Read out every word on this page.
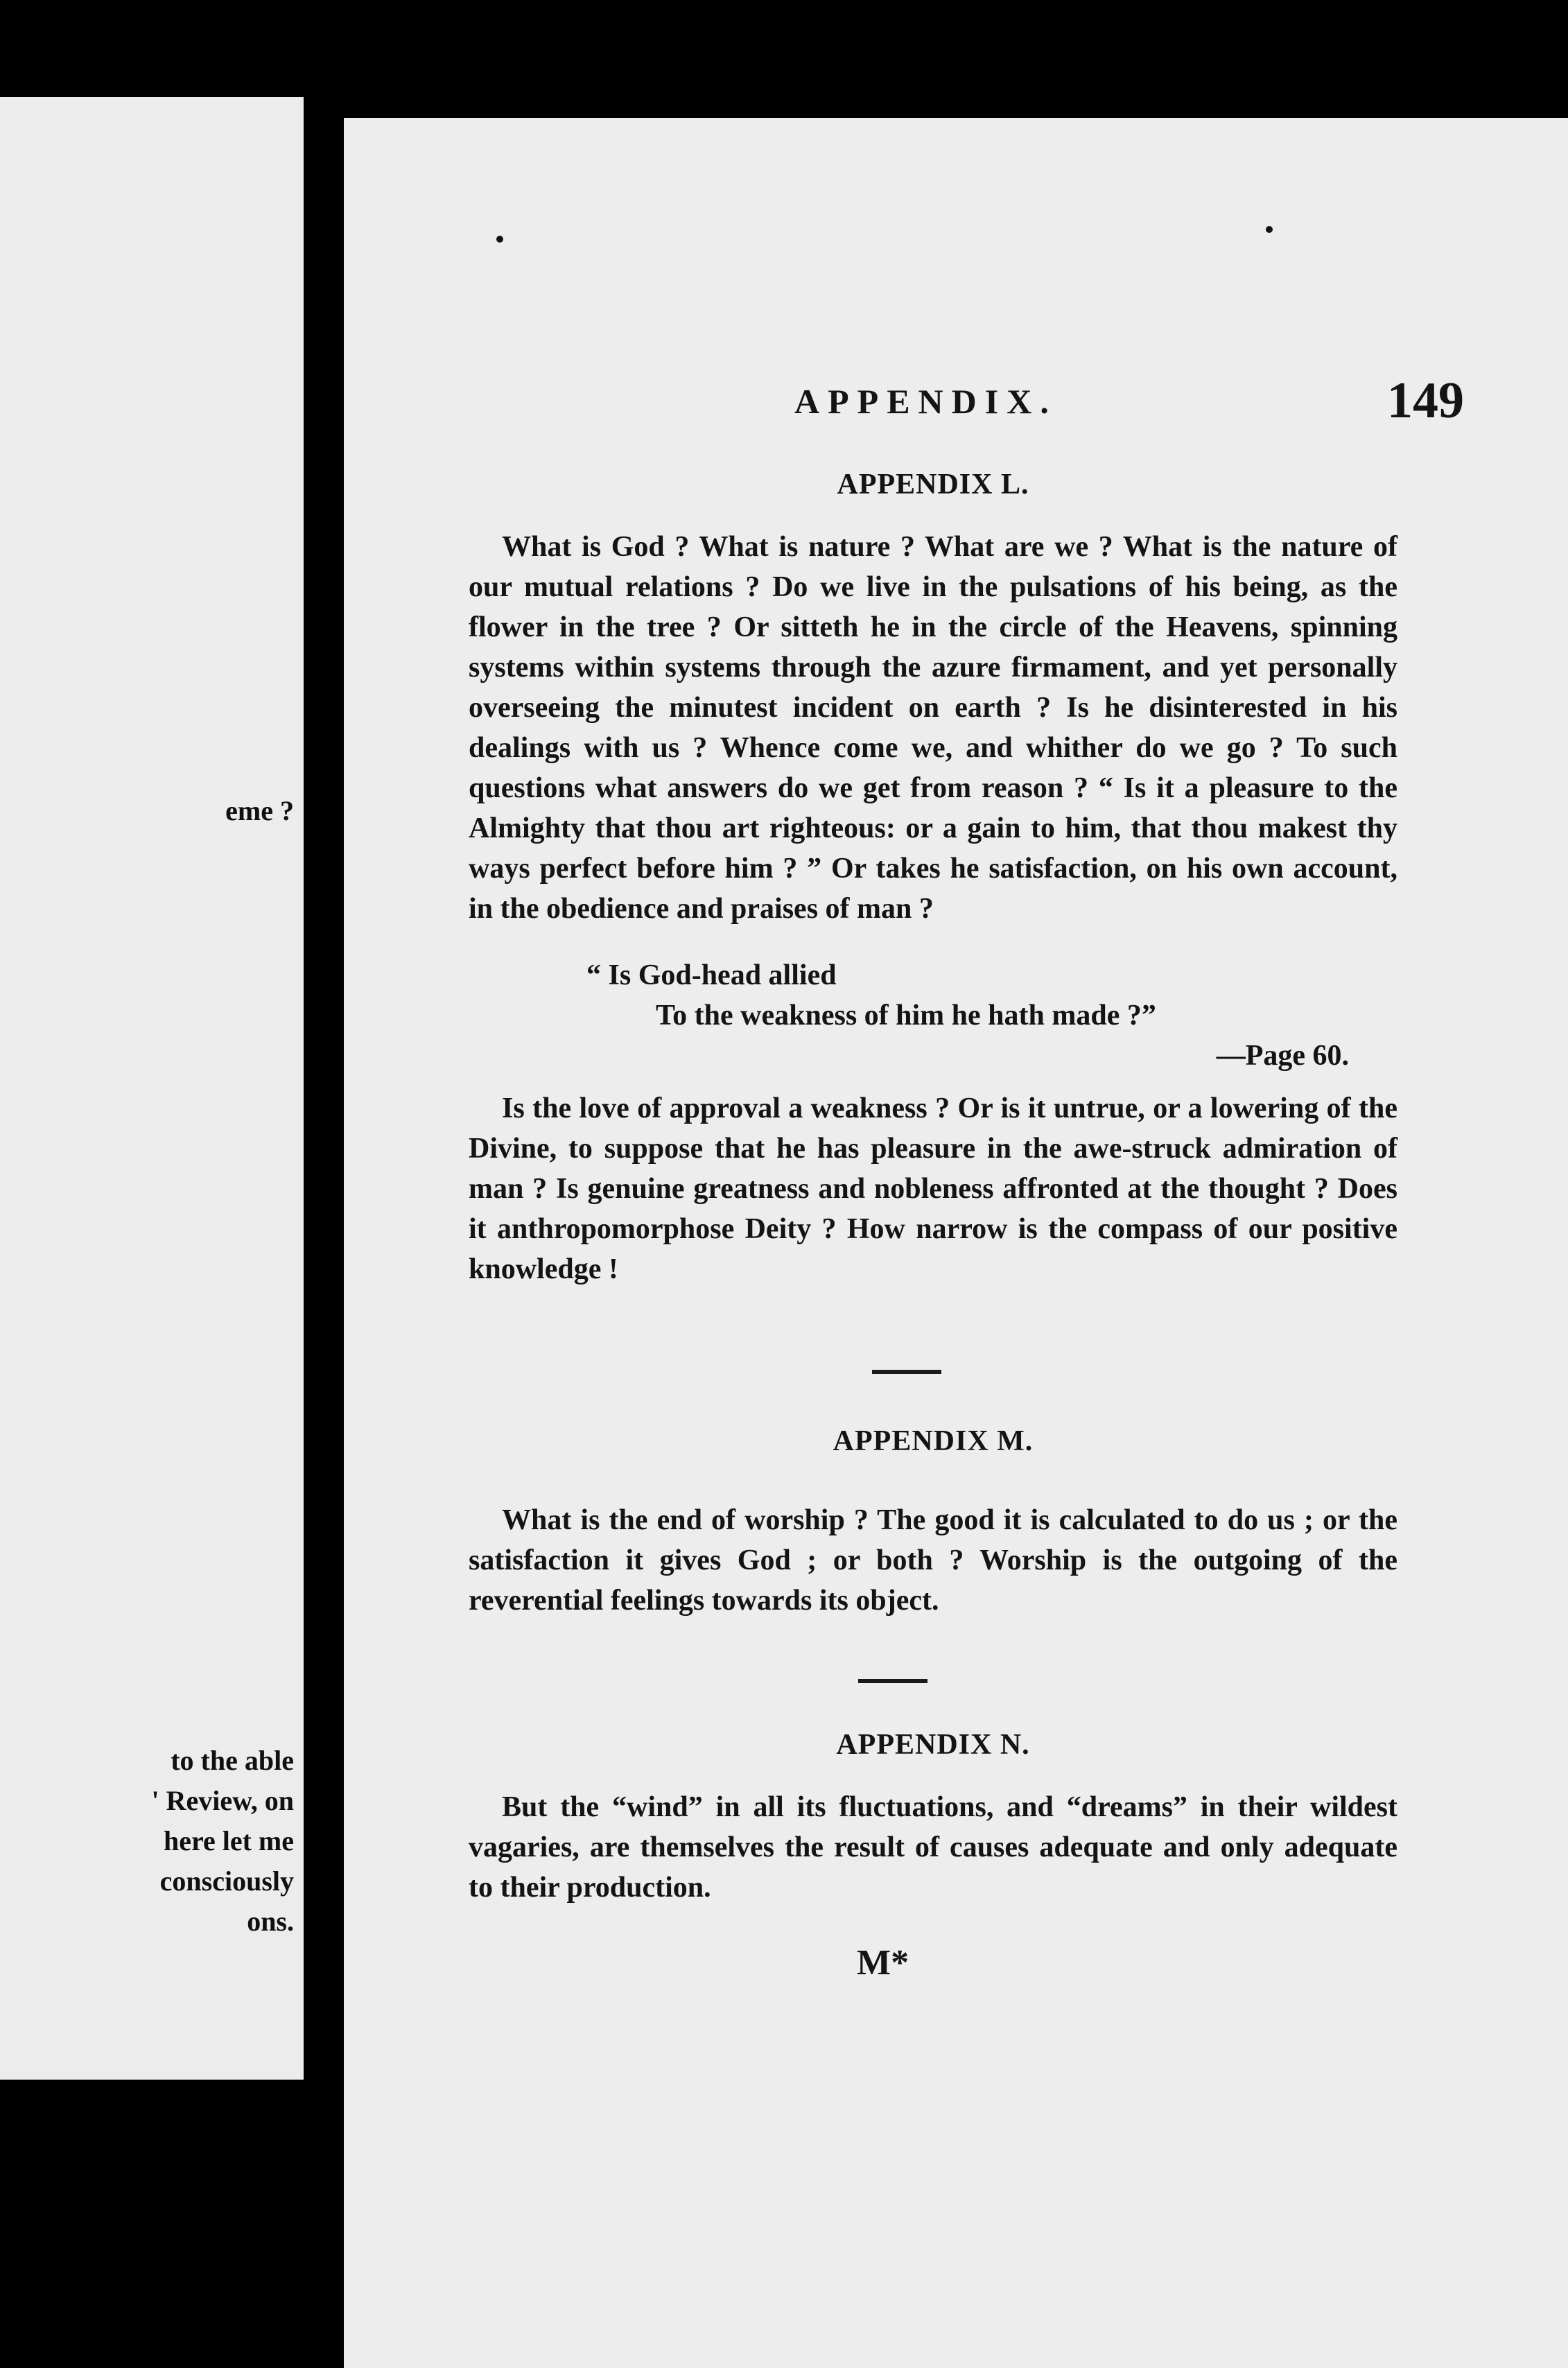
eme ?
to the able
' Review, on
here let me
consciously
ons.
APPENDIX.	149
APPENDIX L.

What is God ? What is nature ? What are we ? What is the nature of our mutual relations ? Do we live in the pulsations of his being, as the flower in the tree ? Or sitteth he in the circle of the Heavens, spinning systems within systems through the azure firmament, and yet personally overseeing the minutest incident on earth ? Is he disinterested in his dealings with us ? Whence come we, and whither do we go ? To such questions what answers do we get from reason ? “ Is it a pleasure to the Almighty that thou art righteous: or a gain to him, that thou makest thy ways perfect before him ? ” Or takes he satisfaction, on his own account, in the obedience and praises of man ?

“ Is God-head allied
To the weakness of him he hath made ?”
—Page 60.

Is the love of approval a weakness ? Or is it untrue, or a lowering of the Divine, to suppose that he has pleasure in the awe-struck admiration of man ? Is genuine greatness and nobleness affronted at the thought ? Does it anthropomorphose Deity ? How narrow is the compass of our positive knowledge !

APPENDIX M.

What is the end of worship ? The good it is calculated to do us ; or the satisfaction it gives God ; or both ? Worship is the outgoing of the reverential feelings towards its object.

APPENDIX N.

But the “wind” in all its fluctuations, and “dreams” in their wildest vagaries, are themselves the result of causes adequate and only adequate to their production.

M*
